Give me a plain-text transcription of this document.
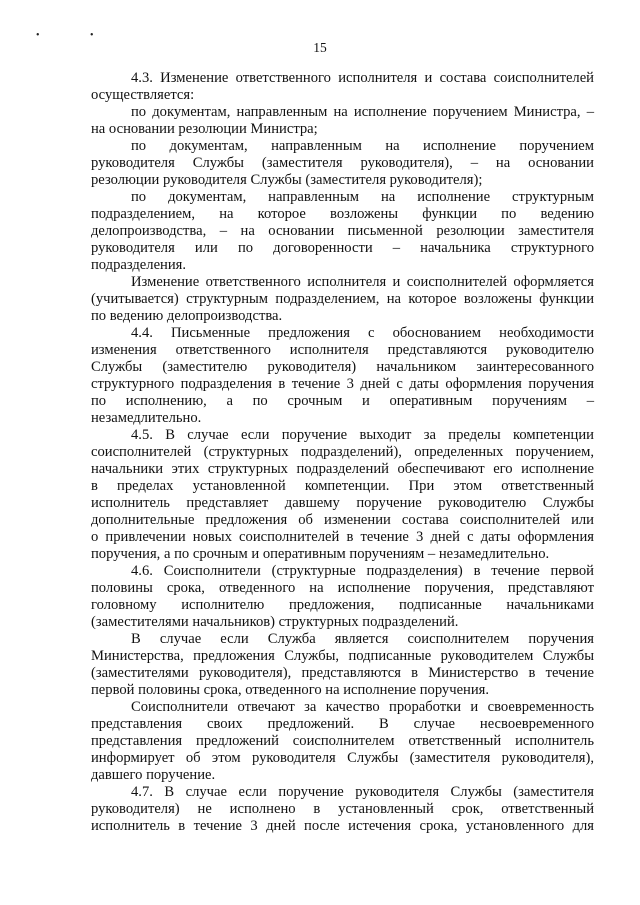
• •
15

4.3. Изменение ответственного исполнителя и состава соисполнителей

осуществляется:

по документам, направленным на исполнение поручением Министра, –

на основании резолюции Министра;

по документам, направленным на исполнение поручением

руководителя Службы (заместителя руководителя), – на основании

резолюции руководителя Службы (заместителя руководителя);

по документам, направленным на исполнение структурным

подразделением, на которое возложены функции по ведению

делопроизводства, – на основании письменной резолюции заместителя

руководителя или по договоренности – начальника структурного

подразделения.

Изменение ответственного исполнителя и соисполнителей оформляется

(учитывается) структурным подразделением, на которое возложены функции

по ведению делопроизводства.

4.4. Письменные предложения с обоснованием необходимости

изменения ответственного исполнителя представляются руководителю

Службы (заместителю руководителя) начальником заинтересованного

структурного подразделения в течение 3 дней с даты оформления поручения

по исполнению, а по срочным и оперативным поручениям –

незамедлительно.

4.5. В случае если поручение выходит за пределы компетенции

соисполнителей (структурных подразделений), определенных поручением,

начальники этих структурных подразделений обеспечивают его исполнение

в пределах установленной компетенции. При этом ответственный

исполнитель представляет давшему поручение руководителю Службы

дополнительные предложения об изменении состава соисполнителей или

о привлечении новых соисполнителей в течение 3 дней с даты оформления

поручения, а по срочным и оперативным поручениям – незамедлительно.

4.6. Соисполнители (структурные подразделения) в течение первой

половины срока, отведенного на исполнение поручения, представляют

головному исполнителю предложения, подписанные начальниками

(заместителями начальников) структурных подразделений.

В случае если Служба является соисполнителем поручения

Министерства, предложения Службы, подписанные руководителем Службы

(заместителями руководителя), представляются в Министерство в течение

первой половины срока, отведенного на исполнение поручения.

Соисполнители отвечают за качество проработки и своевременность

представления своих предложений. В случае несвоевременного

представления предложений соисполнителем ответственный исполнитель

информирует об этом руководителя Службы (заместителя руководителя),

давшего поручение.

4.7. В случае если поручение руководителя Службы (заместителя

руководителя) не исполнено в установленный срок, ответственный

исполнитель в течение 3 дней после истечения срока, установленного для
